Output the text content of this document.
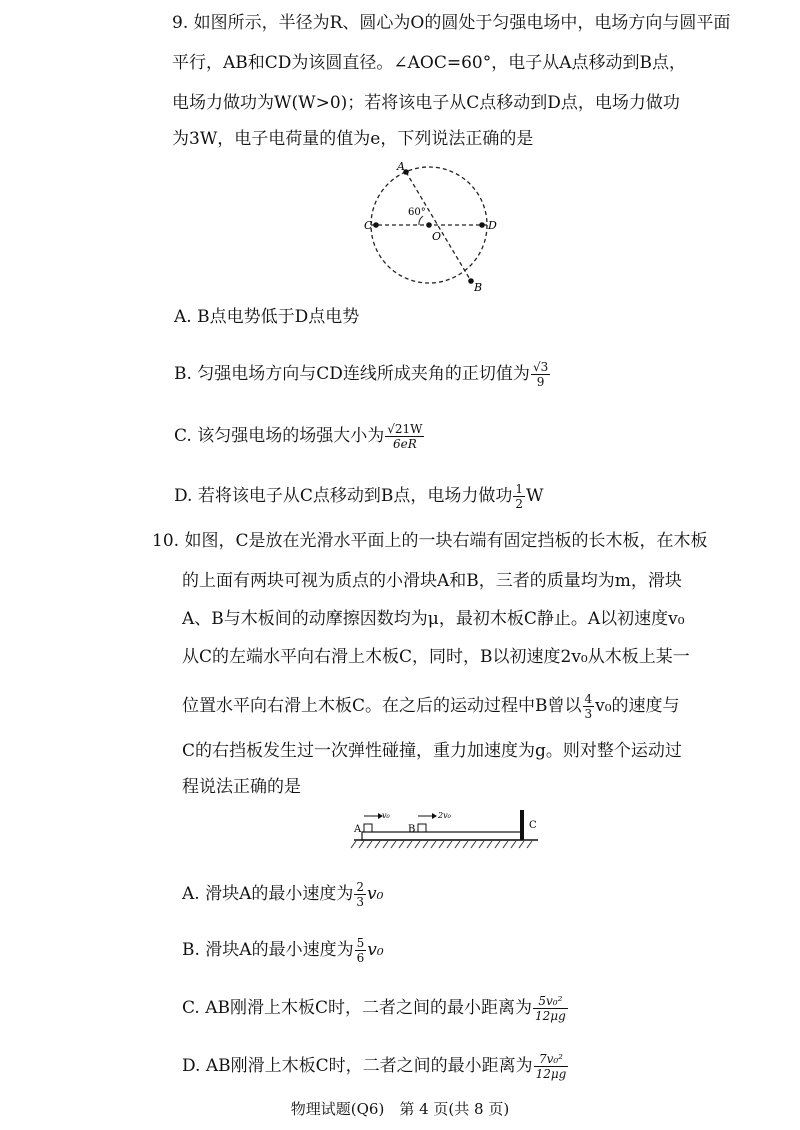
9. 如图所示，半径为R、圆心为O的圆处于匀强电场中，电场方向与圆平面
平行，AB和CD为该圆直径。∠AOC=60°，电子从A点移动到B点，
电场力做功为W(W>0)；若将该电子从C点移动到D点，电场力做功
为3W，电子电荷量的值为e，下列说法正确的是
A
B
C	D
O
60°
A. B点电势低于D点电势
B. 匀强电场方向与CD连线所成夹角的正切值为 $\frac{√3}{9}$
C. 该匀强电场的场强大小为 $\frac{√21W}{6eR}$
D. 若将该电子从C点移动到B点，电场力做功 $\frac{1}{2}$ W
10. 如图，C是放在光滑水平面上的一块右端有固定挡板的长木板，在木板
的上面有两块可视为质点的小滑块A和B，三者的质量均为m，滑块
A、B与木板间的动摩擦因数均为μ，最初木板C静止。A以初速度v₀
从C的左端水平向右滑上木板C，同时，B以初速度2v₀从木板上某一
位置水平向右滑上木板C。在之后的运动过程中B曾以 $\frac{4}{3} v_0$的速度与
C的右挡板发生过一次弹性碰撞，重力加速度为g。则对整个运动过
程说法正确的是
A	B	C
v₀	2v₀
A. 滑块A的最小速度为 $\frac{2}{3} v_0$
B. 滑块A的最小速度为 $\frac{5}{6} v_0$
C. AB刚滑上木板C时，二者之间的最小距离为 $\frac{\text{5v₀²}}{12\mu g}$
D. AB刚滑上木板C时，二者之间的最小距离为 $\frac{\text{7v₀²}}{12\mu g}$
物理试题(Q6)　第 4 页(共 8 页)
